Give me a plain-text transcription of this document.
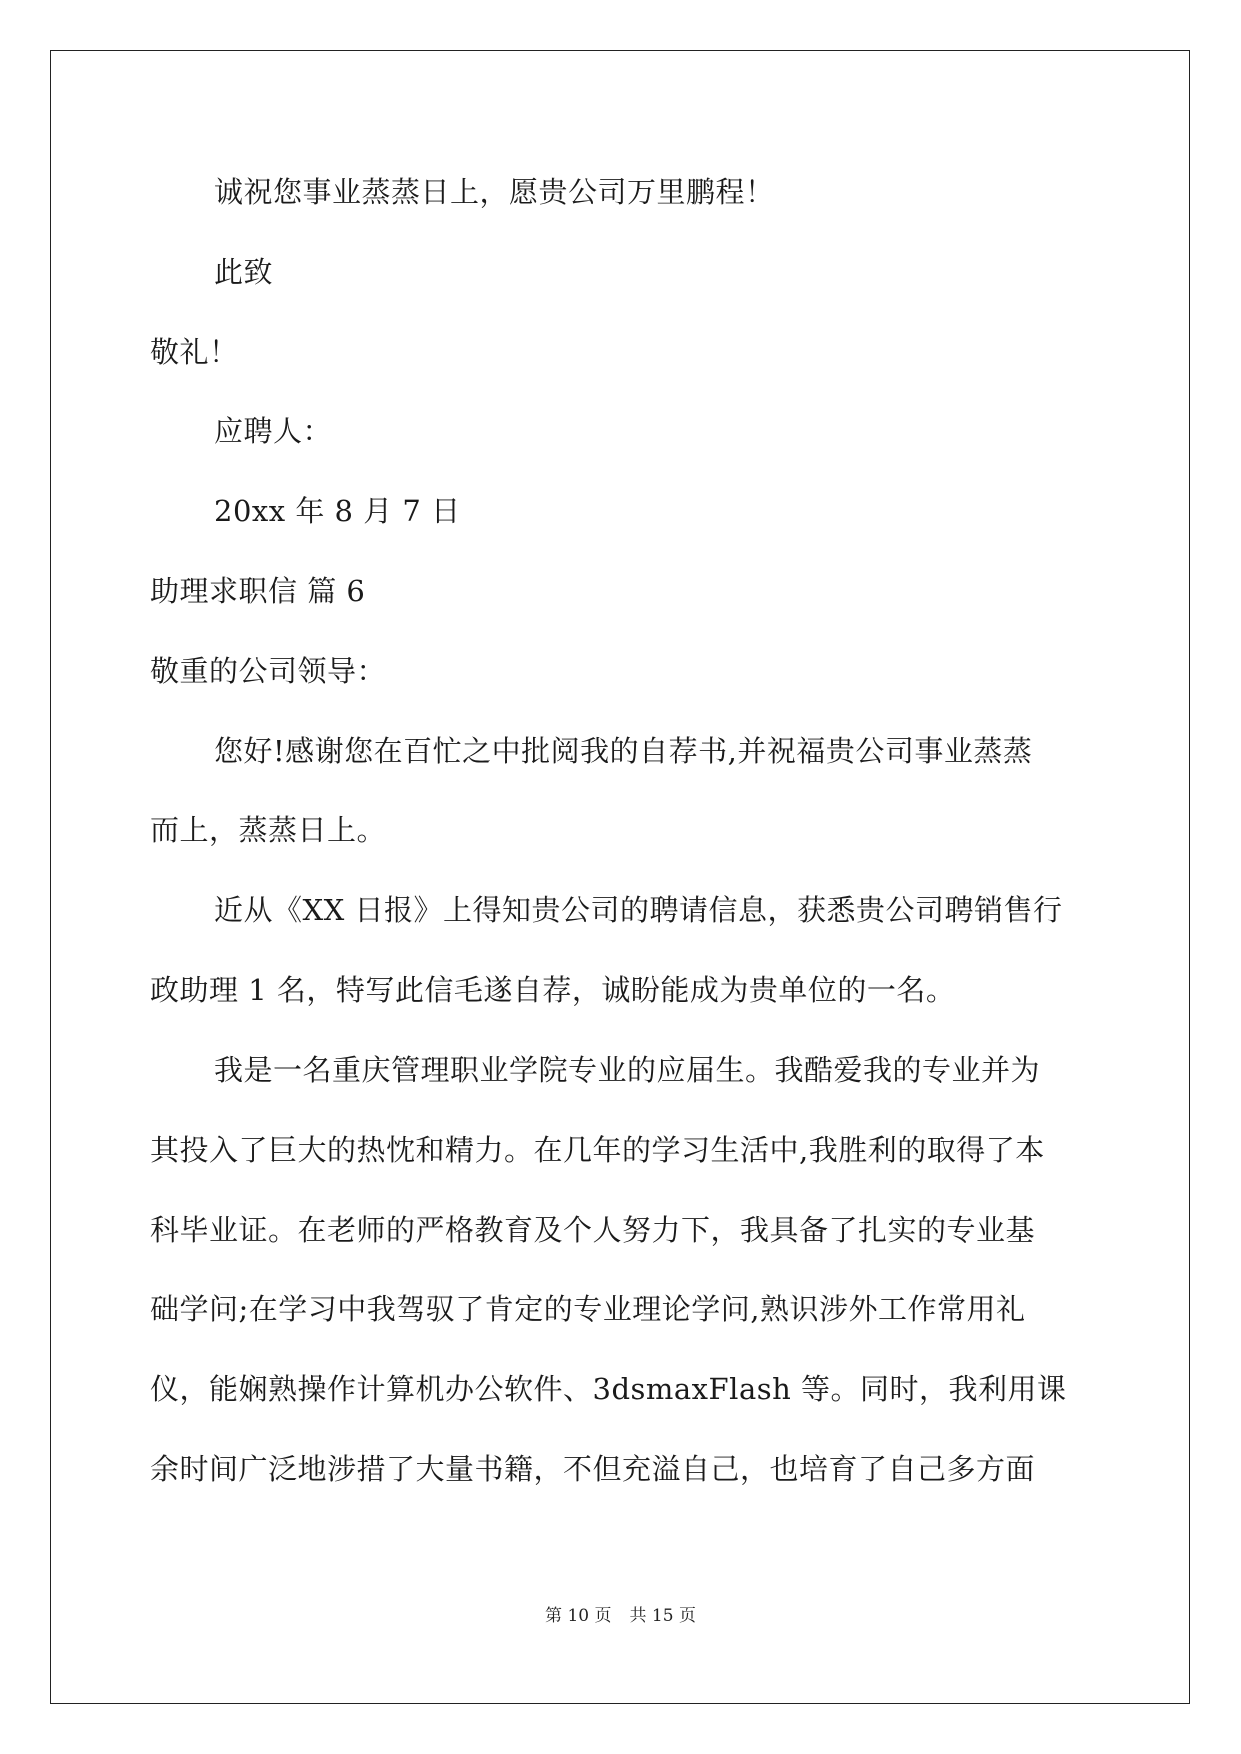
诚祝您事业蒸蒸日上，愿贵公司万里鹏程！
此致
敬礼！
应聘人：
20xx 年 8 月 7 日
助理求职信 篇 6
敬重的公司领导：
您好!感谢您在百忙之中批阅我的自荐书,并祝福贵公司事业蒸蒸
而上，蒸蒸日上。
近从《XX 日报》上得知贵公司的聘请信息，获悉贵公司聘销售行
政助理 1 名，特写此信毛遂自荐，诚盼能成为贵单位的一名。
我是一名重庆管理职业学院专业的应届生。我酷爱我的专业并为
其投入了巨大的热忱和精力。在几年的学习生活中,我胜利的取得了本
科毕业证。在老师的严格教育及个人努力下，我具备了扎实的专业基
础学问;在学习中我驾驭了肯定的专业理论学问,熟识涉外工作常用礼
仪，能娴熟操作计算机办公软件、3dsmaxFlash 等。同时，我利用课
余时间广泛地涉措了大量书籍，不但充溢自己，也培育了自己多方面
第 10 页 共 15 页
